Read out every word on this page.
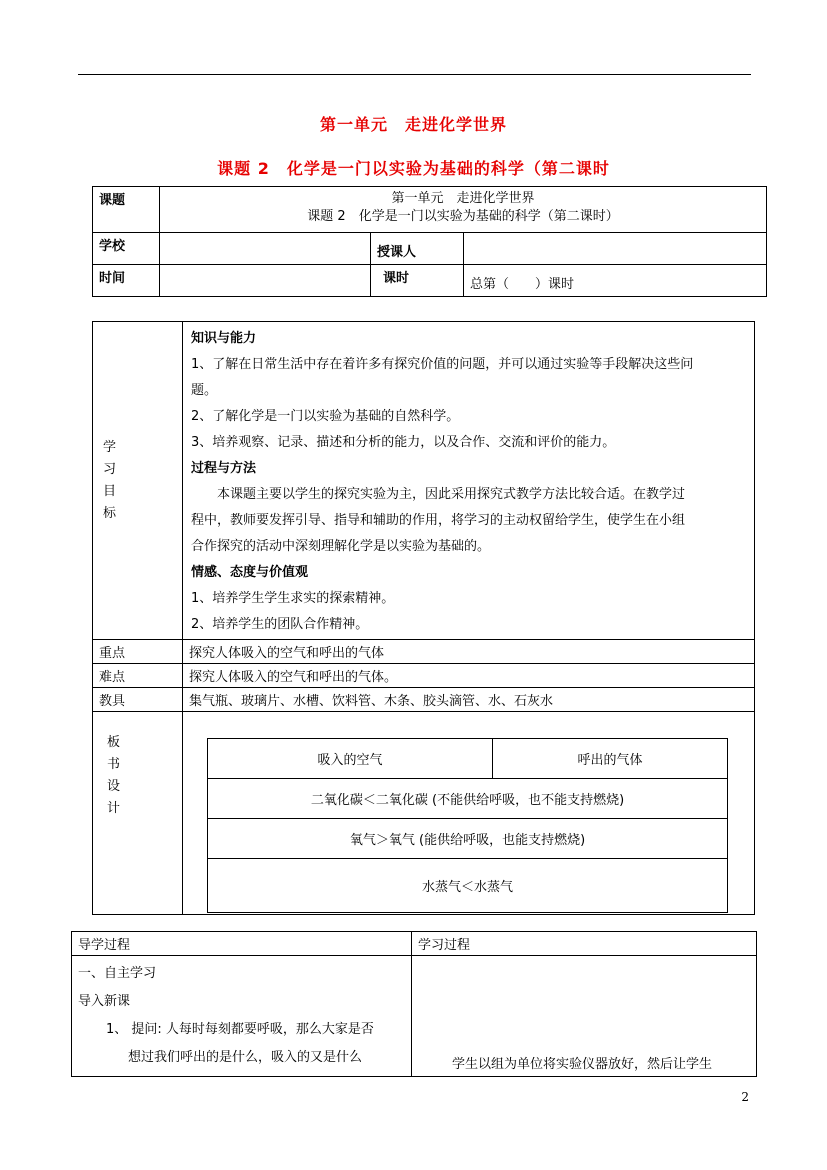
第一单元　走进化学世界
课题 2　化学是一门以实验为基础的科学（第二课时
课题	第一单元　走进化学世界
课题 2　化学是一门以实验为基础的科学（第二课时）		

学校		授课人	
时间		课时	总第（　　）课时
学
习
目
标

知识与能力

1、了解在日常生活中存在着许多有探究价值的问题，并可以通过实验等手段解决这些问

题。

2、了解化学是一门以实验为基础的自然科学。

3、培养观察、记录、描述和分析的能力，以及合作、交流和评价的能力。

过程与方法

　　本课题主要以学生的探究实验为主，因此采用探究式教学方法比较合适。在教学过

程中，教师要发挥引导、指导和辅助的作用，将学习的主动权留给学生，使学生在小组

合作探究的活动中深刻理解化学是以实验为基础的。

情感、态度与价值观

1、培养学生学生求实的探索精神。

2、培养学生的团队合作精神。

重点	探究人体吸入的空气和呼出的气体
难点	探究人体吸入的空气和呼出的气体。
教具	集气瓶、玻璃片、水槽、饮料管、木条、胶头滴管、水、石灰水

板
书
设
计

吸入的空气	呼出的气体
二氧化碳＜二氧化碳 (不能供给呼吸，也不能支持燃烧)
氧气＞氧气 (能供给呼吸，也能支持燃烧)
水蒸气＜水蒸气
导学过程	学习过程

一、自主学习
导入新课
1、 提问: 人每时每刻都要呼吸，那么大家是否
想过我们呼出的是什么，吸入的又是什么	学生以组为单位将实验仪器放好，然后让学生
2
